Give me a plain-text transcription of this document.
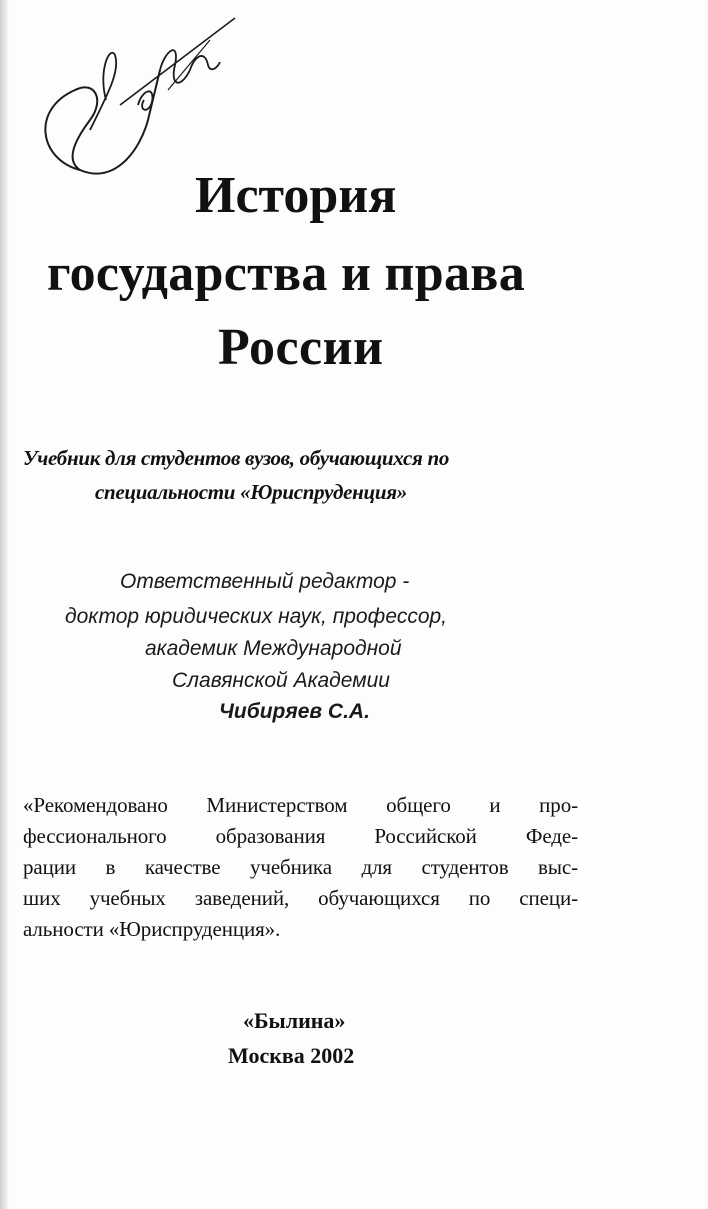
История
государства и права
России
Учебник для студентов вузов, обучающихся по
специальности «Юриспруденция»
Ответственный редактор -
доктор юридических наук, профессор,
академик Международной
Славянской Академии
Чибиряев С.А.
«Рекомендовано Министерством общего и про-
фессионального образования Российской Феде-
рации в качестве учебника для студентов выс-
ших учебных заведений, обучающихся по специ-
альности «Юриспруденция».
«Былина»
Москва 2002
